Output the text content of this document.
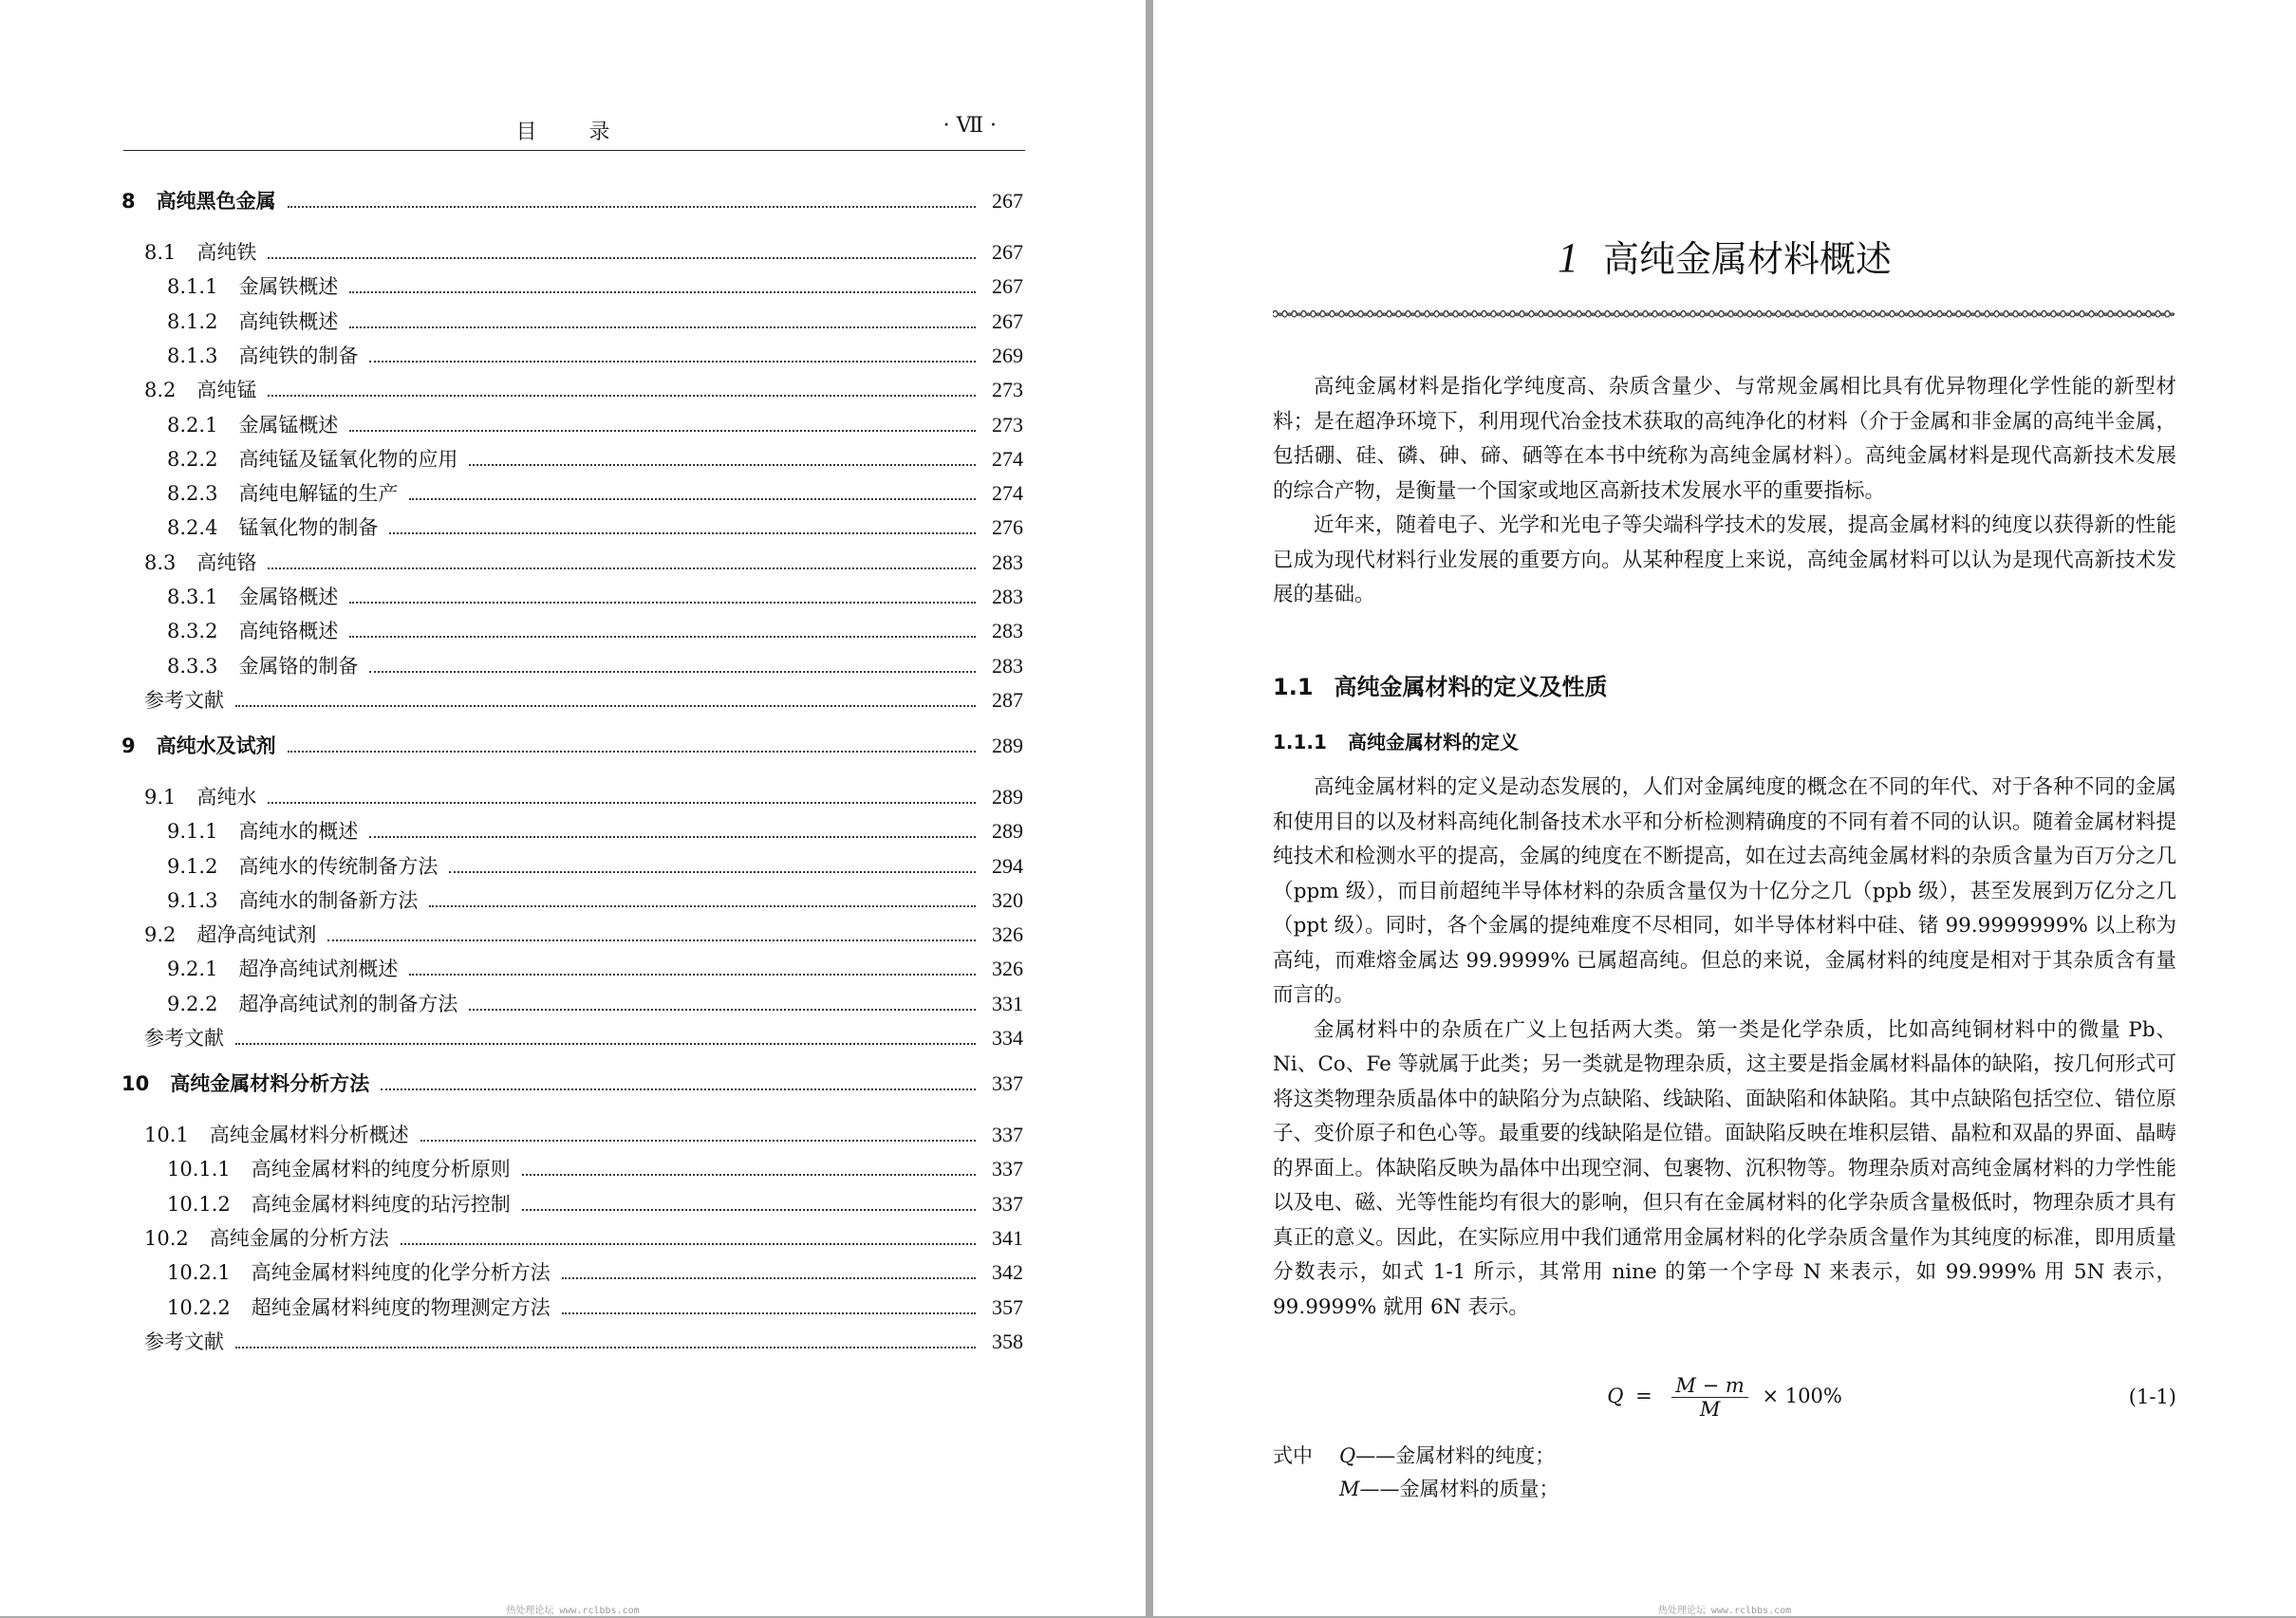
目 录	· Ⅶ ·
8 高纯黑色金属	267
8.1 高纯铁	267
8.1.1 金属铁概述	267
8.1.2 高纯铁概述	267
8.1.3 高纯铁的制备	269
8.2 高纯锰	273
8.2.1 金属锰概述	273
8.2.2 高纯锰及锰氧化物的应用	274
8.2.3 高纯电解锰的生产	274
8.2.4 锰氧化物的制备	276
8.3 高纯铬	283
8.3.1 金属铬概述	283
8.3.2 高纯铬概述	283
8.3.3 金属铬的制备	283
参考文献	287
9 高纯水及试剂	289
9.1 高纯水	289
9.1.1 高纯水的概述	289
9.1.2 高纯水的传统制备方法	294
9.1.3 高纯水的制备新方法	320
9.2 超净高纯试剂	326
9.2.1 超净高纯试剂概述	326
9.2.2 超净高纯试剂的制备方法	331
参考文献	334
10 高纯金属材料分析方法	337
10.1 高纯金属材料分析概述	337
10.1.1 高纯金属材料的纯度分析原则	337
10.1.2 高纯金属材料纯度的玷污控制	337
10.2 高纯金属的分析方法	341
10.2.1 高纯金属材料纯度的化学分析方法	342
10.2.2 超纯金属材料纯度的物理测定方法	357
参考文献	358
热处理论坛 www.rclbbs.com
1 高纯金属材料概述

高纯金属材料是指化学纯度高、杂质含量少、与常规金属相比具有优异物理化学性能的新型材料；是在超净环境下，利用现代冶金技术获取的高纯净化的材料（介于金属和非金属的高纯半金属，包括硼、硅、磷、砷、碲、硒等在本书中统称为高纯金属材料）。高纯金属材料是现代高新技术发展的综合产物，是衡量一个国家或地区高新技术发展水平的重要指标。

近年来，随着电子、光学和光电子等尖端科学技术的发展，提高金属材料的纯度以获得新的性能已成为现代材料行业发展的重要方向。从某种程度上来说，高纯金属材料可以认为是现代高新技术发展的基础。

1.1 高纯金属材料的定义及性质
1.1.1 高纯金属材料的定义

高纯金属材料的定义是动态发展的，人们对金属纯度的概念在不同的年代、对于各种不同的金属和使用目的以及材料高纯化制备技术水平和分析检测精确度的不同有着不同的认识。随着金属材料提纯技术和检测水平的提高，金属的纯度在不断提高，如在过去高纯金属材料的杂质含量为百万分之几（ppm 级），而目前超纯半导体材料的杂质含量仅为十亿分之几（ppb 级），甚至发展到万亿分之几（ppt 级）。同时，各个金属的提纯难度不尽相同，如半导体材料中硅、锗 99.9999999% 以上称为高纯，而难熔金属达 99.9999% 已属超高纯。但总的来说，金属材料的纯度是相对于其杂质含有量而言的。

金属材料中的杂质在广义上包括两大类。第一类是化学杂质，比如高纯铜材料中的微量 Pb、Ni、Co、Fe 等就属于此类；另一类就是物理杂质，这主要是指金属材料晶体的缺陷，按几何形式可将这类物理杂质晶体中的缺陷分为点缺陷、线缺陷、面缺陷和体缺陷。其中点缺陷包括空位、错位原子、变价原子和色心等。最重要的线缺陷是位错。面缺陷反映在堆积层错、晶粒和双晶的界面、晶畴的界面上。体缺陷反映为晶体中出现空洞、包裹物、沉积物等。物理杂质对高纯金属材料的力学性能以及电、磁、光等性能均有很大的影响，但只有在金属材料的化学杂质含量极低时，物理杂质才具有真正的意义。因此，在实际应用中我们通常用金属材料的化学杂质含量作为其纯度的标准，即用质量分数表示，如式 1-1 所示，其常用 nine 的第一个字母 N 来表示，如 99.999% 用 5N 表示，99.9999% 就用 6N 表示。

$Q = \frac{M - m}{M} \times 100\%$	(1-1)
式中 Q——金属材料的纯度；
M——金属材料的质量；
热处理论坛 www.rclbbs.com
